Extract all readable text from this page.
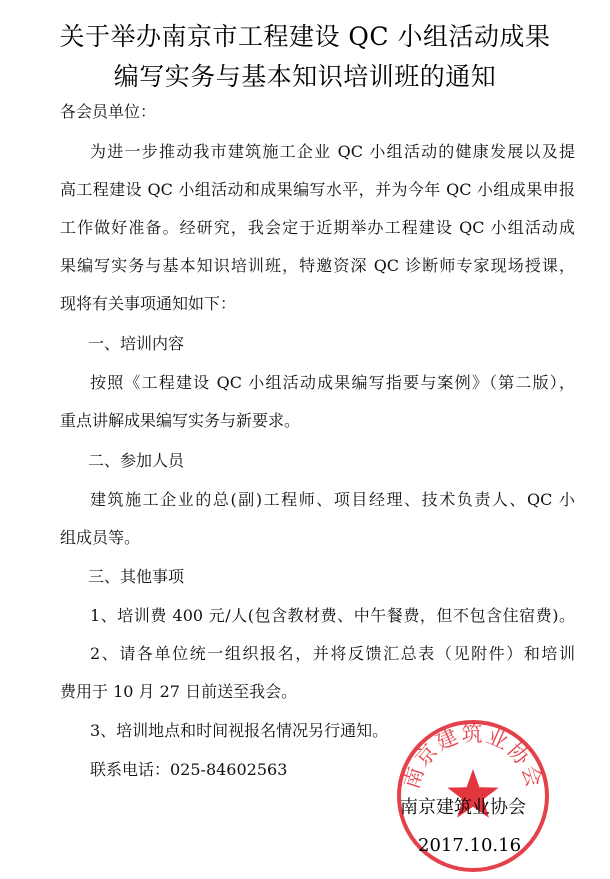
关于举办南京市工程建设 QC 小组活动成果
编写实务与基本知识培训班的通知
各会员单位：
为进一步推动我市建筑施工企业 QC 小组活动的健康发展以及提
高工程建设 QC 小组活动和成果编写水平，并为今年 QC 小组成果申报
工作做好准备。经研究，我会定于近期举办工程建设 QC 小组活动成
果编写实务与基本知识培训班，特邀资深 QC 诊断师专家现场授课，
现将有关事项通知如下：
一、培训内容
按照《工程建设 QC 小组活动成果编写指要与案例》（第二版），
重点讲解成果编写实务与新要求。
二、参加人员
建筑施工企业的总(副)工程师、项目经理、技术负责人、QC 小
组成员等。
三、其他事项
1、培训费 400 元/人(包含教材费、中午餐费，但不包含住宿费)。
2、请各单位统一组织报名，并将反馈汇总表（见附件）和培训
费用于 10 月 27 日前送至我会。
3、培训地点和时间视报名情况另行通知。
联系电话：025-84602563	南京建筑业协会
南京建筑业协会
2017.10.16
